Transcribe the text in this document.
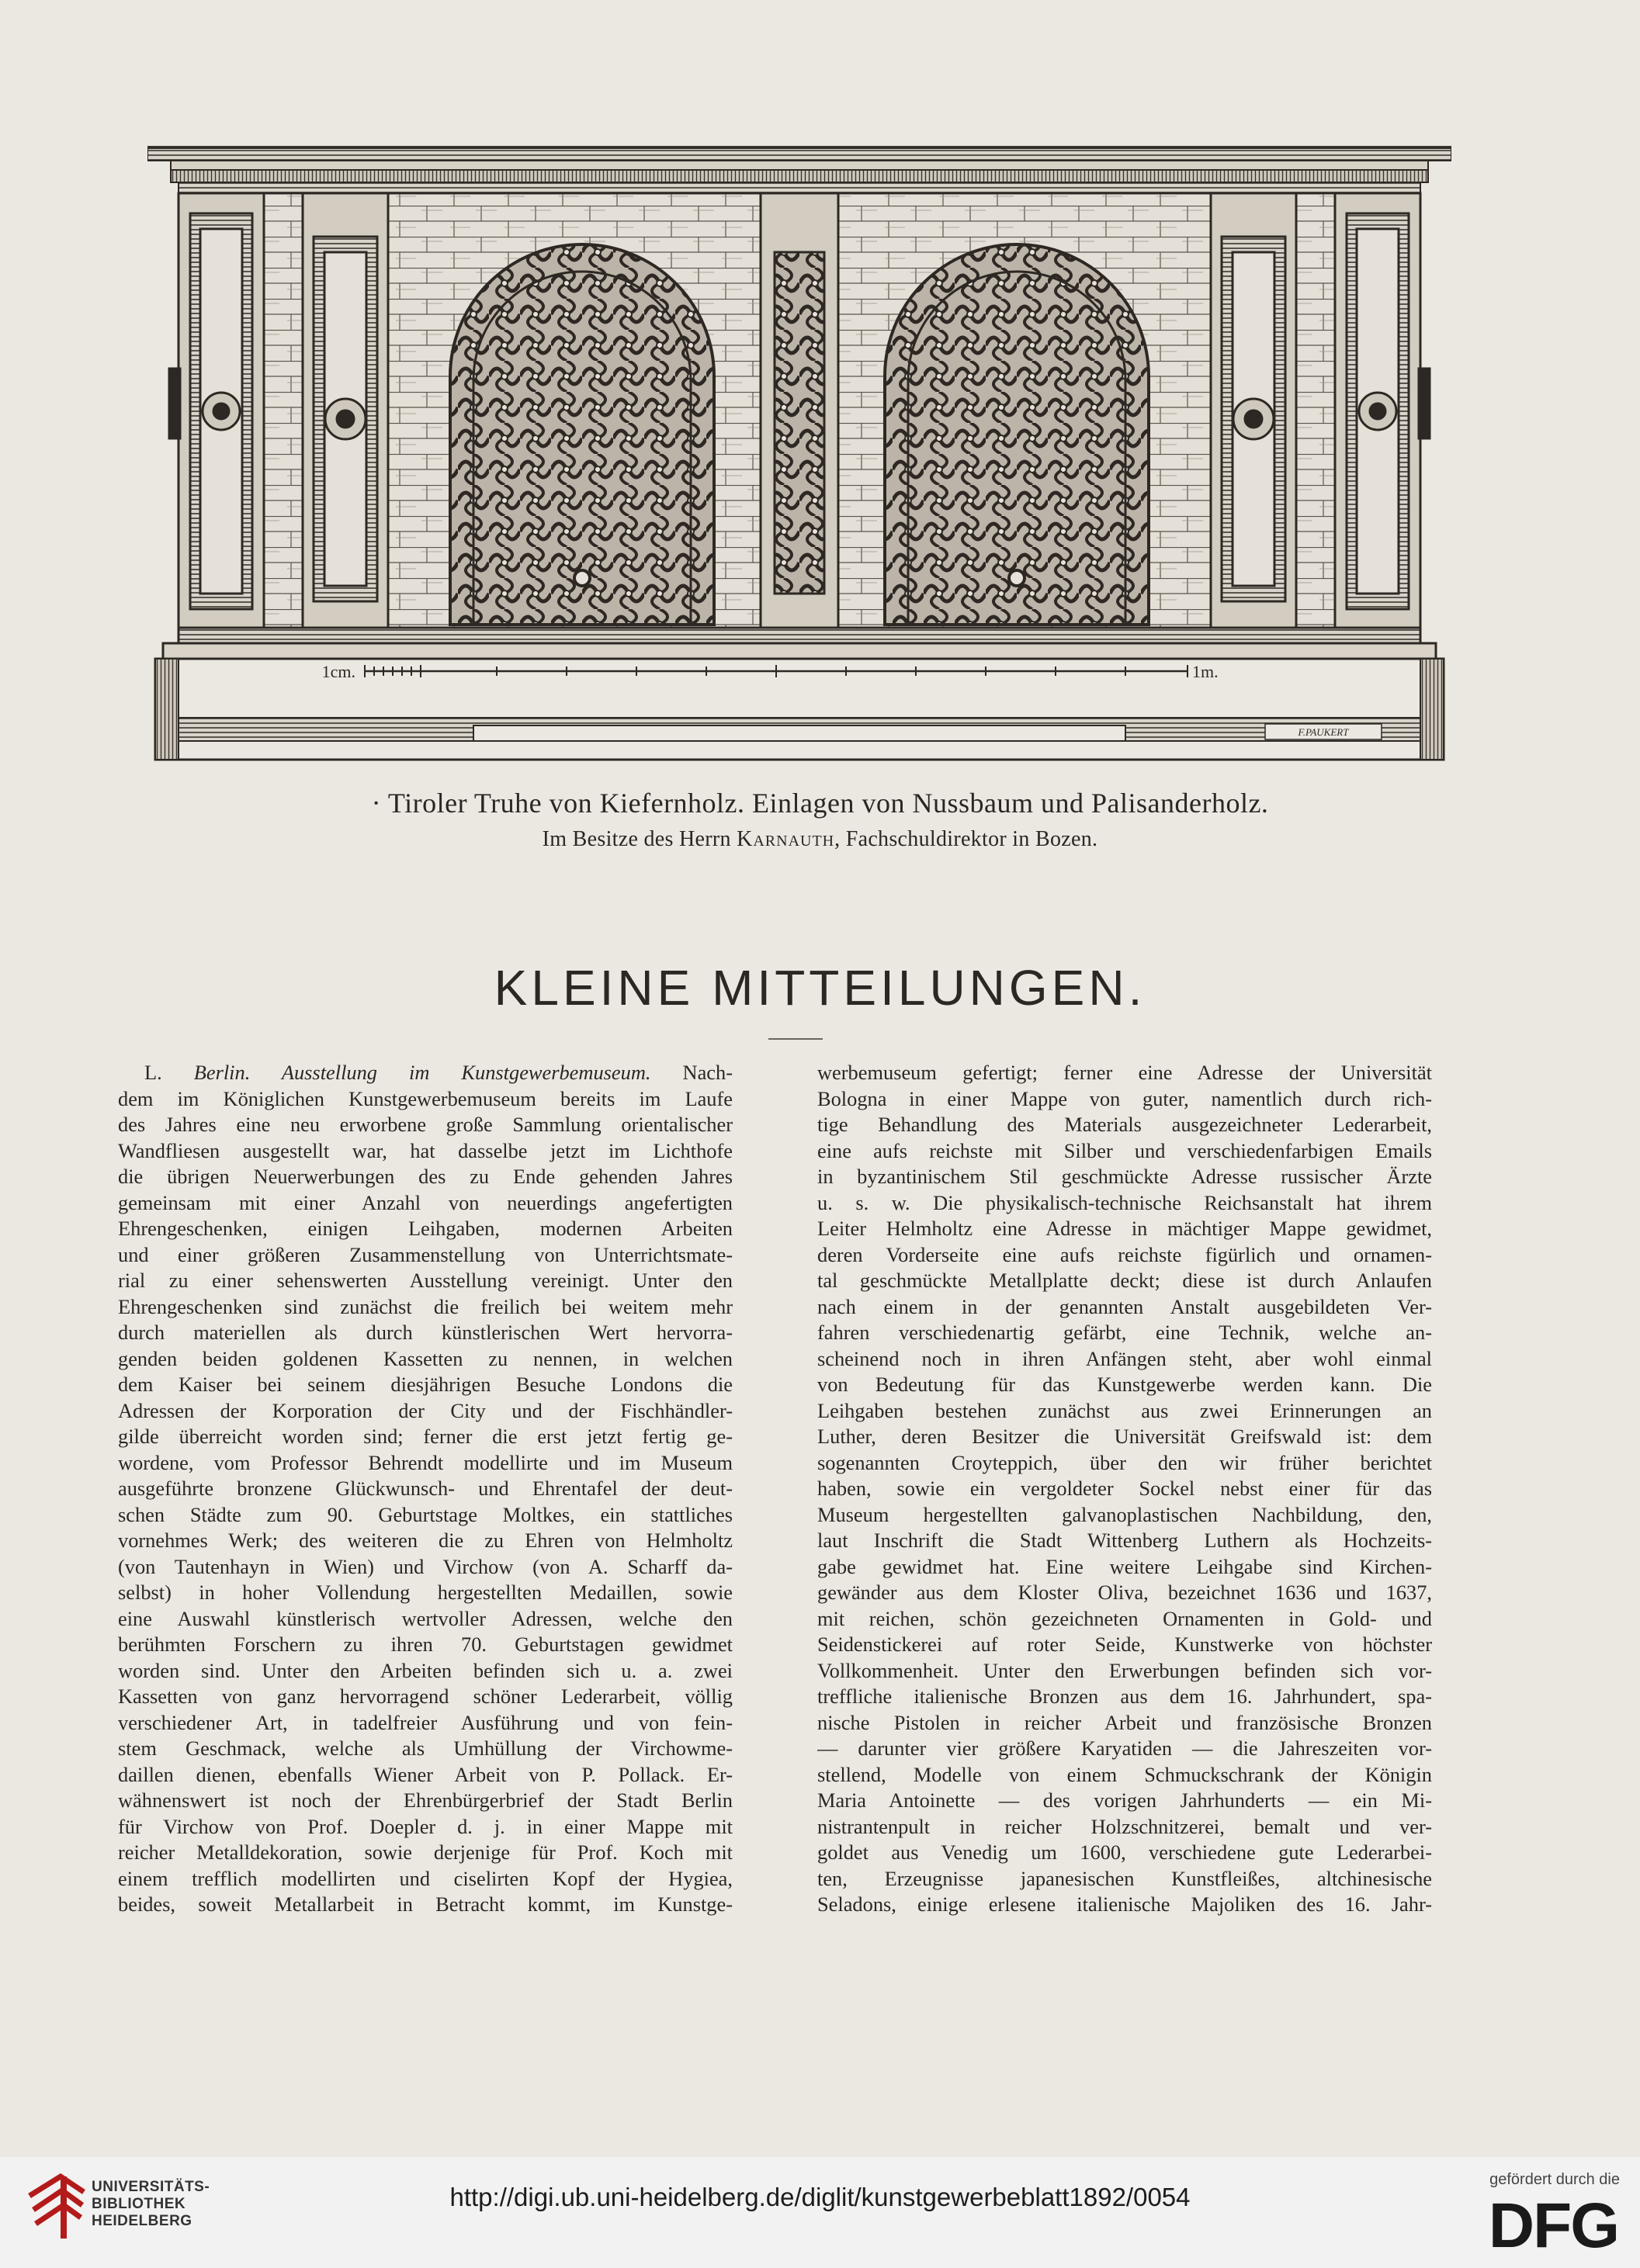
1cm.	1m.
F.PAUKERT
· Tiroler Truhe von Kiefernholz. Einlagen von Nussbaum und Palisanderholz.
Im Besitze des Herrn Karnauth, Fachschuldirektor in Bozen.
KLEINE MITTEILUNGEN.
L. Berlin. Ausstellung im Kunstgewerbemuseum. Nach-
dem im Königlichen Kunstgewerbemuseum bereits im Laufe
des Jahres eine neu erworbene große Sammlung orientalischer
Wandfliesen ausgestellt war, hat dasselbe jetzt im Lichthofe
die übrigen Neuerwerbungen des zu Ende gehenden Jahres
gemeinsam mit einer Anzahl von neuerdings angefertigten
Ehrengeschenken, einigen Leihgaben, modernen Arbeiten
und einer größeren Zusammenstellung von Unterrichtsmate-
rial zu einer sehenswerten Ausstellung vereinigt. Unter den
Ehrengeschenken sind zunächst die freilich bei weitem mehr
durch materiellen als durch künstlerischen Wert hervorra-
genden beiden goldenen Kassetten zu nennen, in welchen
dem Kaiser bei seinem diesjährigen Besuche Londons die
Adressen der Korporation der City und der Fischhändler-
gilde überreicht worden sind; ferner die erst jetzt fertig ge-
wordene, vom Professor Behrendt modellirte und im Museum
ausgeführte bronzene Glückwunsch- und Ehrentafel der deut-
schen Städte zum 90. Geburtstage Moltkes, ein stattliches
vornehmes Werk; des weiteren die zu Ehren von Helmholtz
(von Tautenhayn in Wien) und Virchow (von A. Scharff da-
selbst) in hoher Vollendung hergestellten Medaillen, sowie
eine Auswahl künstlerisch wertvoller Adressen, welche den
berühmten Forschern zu ihren 70. Geburtstagen gewidmet
worden sind. Unter den Arbeiten befinden sich u. a. zwei
Kassetten von ganz hervorragend schöner Lederarbeit, völlig
verschiedener Art, in tadelfreier Ausführung und von fein-
stem Geschmack, welche als Umhüllung der Virchowme-
daillen dienen, ebenfalls Wiener Arbeit von P. Pollack. Er-
wähnenswert ist noch der Ehrenbürgerbrief der Stadt Berlin
für Virchow von Prof. Doepler d. j. in einer Mappe mit
reicher Metalldekoration, sowie derjenige für Prof. Koch mit
einem trefflich modellirten und ciselirten Kopf der Hygiea,
beides, soweit Metallarbeit in Betracht kommt, im Kunstge-
werbemuseum gefertigt; ferner eine Adresse der Universität
Bologna in einer Mappe von guter, namentlich durch rich-
tige Behandlung des Materials ausgezeichneter Lederarbeit,
eine aufs reichste mit Silber und verschiedenfarbigen Emails
in byzantinischem Stil geschmückte Adresse russischer Ärzte
u. s. w. Die physikalisch-technische Reichsanstalt hat ihrem
Leiter Helmholtz eine Adresse in mächtiger Mappe gewidmet,
deren Vorderseite eine aufs reichste figürlich und ornamen-
tal geschmückte Metallplatte deckt; diese ist durch Anlaufen
nach einem in der genannten Anstalt ausgebildeten Ver-
fahren verschiedenartig gefärbt, eine Technik, welche an-
scheinend noch in ihren Anfängen steht, aber wohl einmal
von Bedeutung für das Kunstgewerbe werden kann. Die
Leihgaben bestehen zunächst aus zwei Erinnerungen an
Luther, deren Besitzer die Universität Greifswald ist: dem
sogenannten Croyteppich, über den wir früher berichtet
haben, sowie ein vergoldeter Sockel nebst einer für das
Museum hergestellten galvanoplastischen Nachbildung, den,
laut Inschrift die Stadt Wittenberg Luthern als Hochzeits-
gabe gewidmet hat. Eine weitere Leihgabe sind Kirchen-
gewänder aus dem Kloster Oliva, bezeichnet 1636 und 1637,
mit reichen, schön gezeichneten Ornamenten in Gold- und
Seidenstickerei auf roter Seide, Kunstwerke von höchster
Vollkommenheit. Unter den Erwerbungen befinden sich vor-
treffliche italienische Bronzen aus dem 16. Jahrhundert, spa-
nische Pistolen in reicher Arbeit und französische Bronzen
— darunter vier größere Karyatiden — die Jahreszeiten vor-
stellend, Modelle von einem Schmuckschrank der Königin
Maria Antoinette — des vorigen Jahrhunderts — ein Mi-
nistrantenpult in reicher Holzschnitzerei, bemalt und ver-
goldet aus Venedig um 1600, verschiedene gute Lederarbei-
ten, Erzeugnisse japanesischen Kunstfleißes, altchinesische
Seladons, einige erlesene italienische Majoliken des 16. Jahr-
UNIVERSITÄTS-
BIBLIOTHEK
HEIDELBERG
http://digi.ub.uni-heidelberg.de/diglit/kunstgewerbeblatt1892/0054
gefördert durch die
DFG
